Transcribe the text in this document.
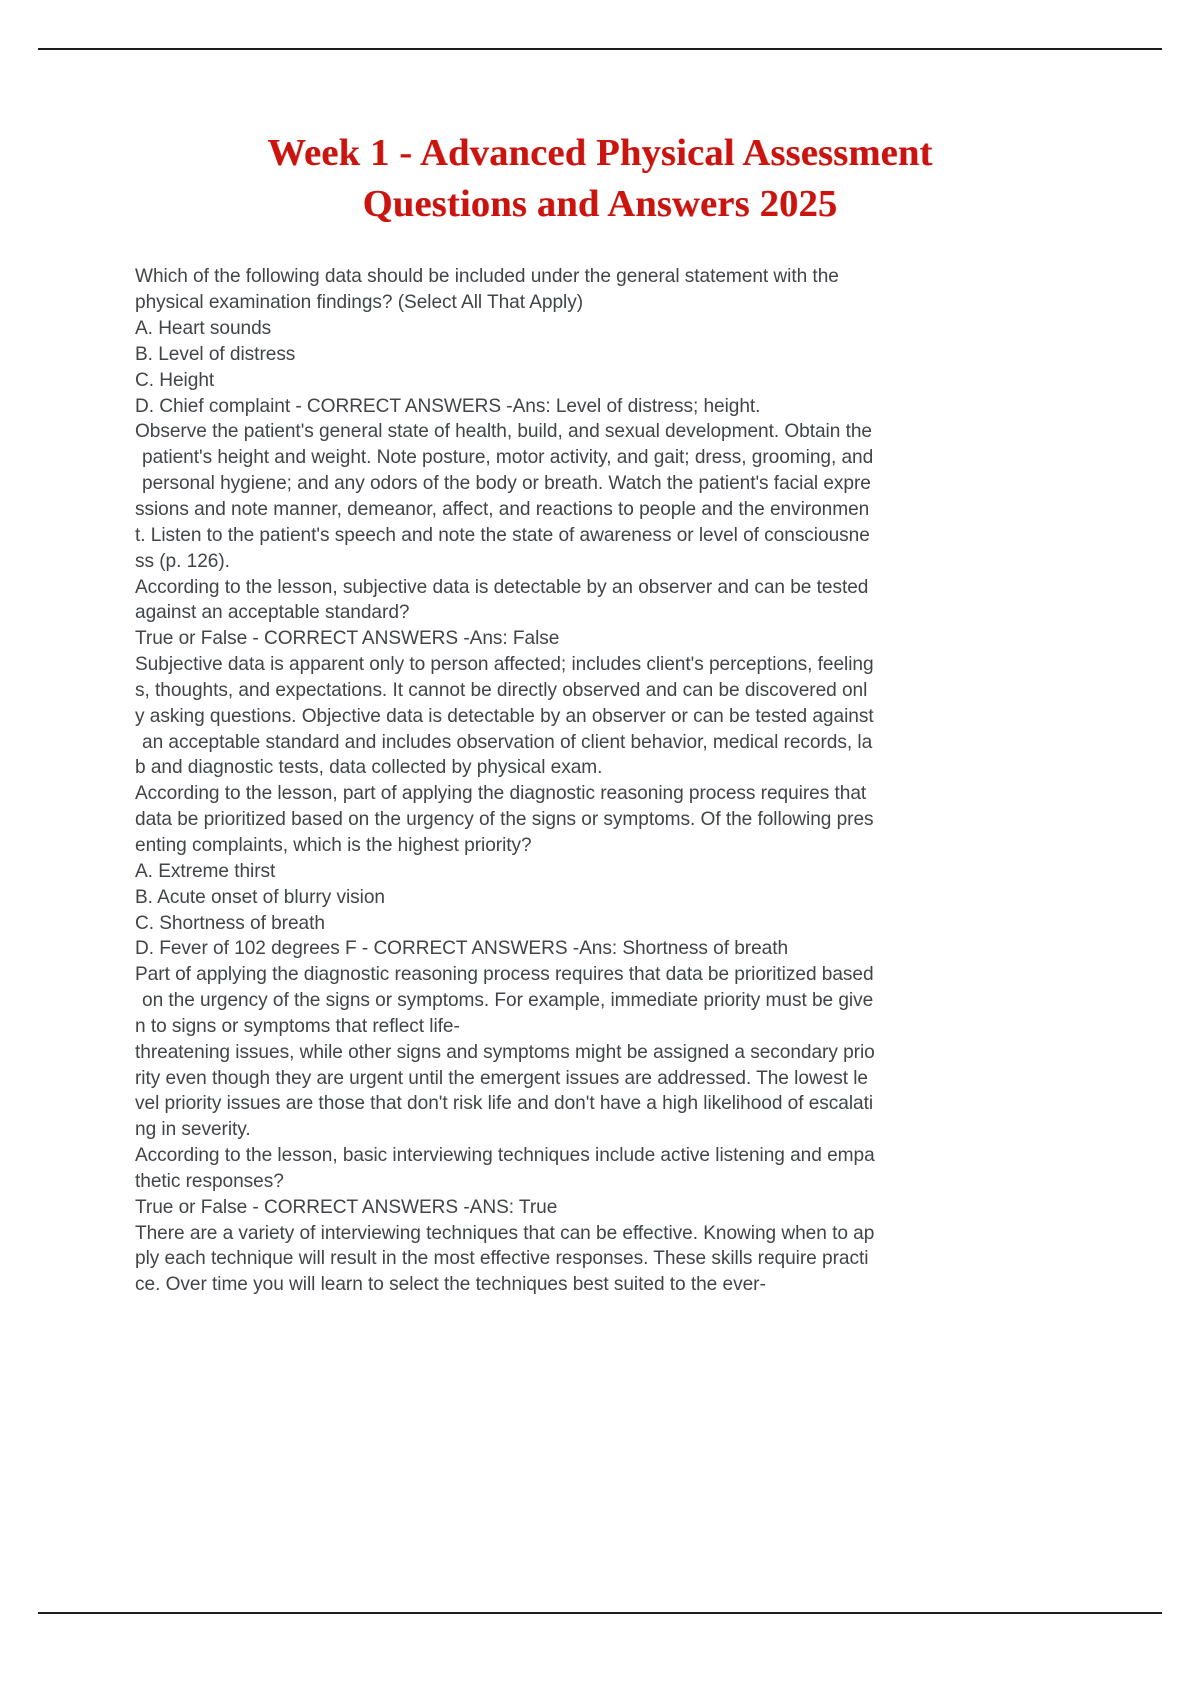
Week 1 - Advanced Physical Assessment
Questions and Answers 2025

Which of the following data should be included under the general statement with the

physical examination findings? (Select All That Apply)

A. Heart sounds

B. Level of distress

C. Height

D. Chief complaint - CORRECT ANSWERS -Ans: Level of distress; height.

Observe the patient's general state of health, build, and sexual development. Obtain the

patient's height and weight. Note posture, motor activity, and gait; dress, grooming, and

personal hygiene; and any odors of the body or breath. Watch the patient's facial expre

ssions and note manner, demeanor, affect, and reactions to people and the environmen

t. Listen to the patient's speech and note the state of awareness or level of consciousne

ss (p. 126).

According to the lesson, subjective data is detectable by an observer and can be tested

against an acceptable standard?

True or False - CORRECT ANSWERS -Ans: False

Subjective data is apparent only to person affected; includes client's perceptions, feeling

s, thoughts, and expectations. It cannot be directly observed and can be discovered onl

y asking questions. Objective data is detectable by an observer or can be tested against

an acceptable standard and includes observation of client behavior, medical records, la

b and diagnostic tests, data collected by physical exam.

According to the lesson, part of applying the diagnostic reasoning process requires that

data be prioritized based on the urgency of the signs or symptoms. Of the following pres

enting complaints, which is the highest priority?

A. Extreme thirst

B. Acute onset of blurry vision

C. Shortness of breath

D. Fever of 102 degrees F - CORRECT ANSWERS -Ans: Shortness of breath

Part of applying the diagnostic reasoning process requires that data be prioritized based

on the urgency of the signs or symptoms. For example, immediate priority must be give

n to signs or symptoms that reflect life-

threatening issues, while other signs and symptoms might be assigned a secondary prio

rity even though they are urgent until the emergent issues are addressed. The lowest le

vel priority issues are those that don't risk life and don't have a high likelihood of escalati

ng in severity.

According to the lesson, basic interviewing techniques include active listening and empa

thetic responses?

True or False - CORRECT ANSWERS -ANS: True

There are a variety of interviewing techniques that can be effective. Knowing when to ap

ply each technique will result in the most effective responses. These skills require practi

ce. Over time you will learn to select the techniques best suited to the ever-
